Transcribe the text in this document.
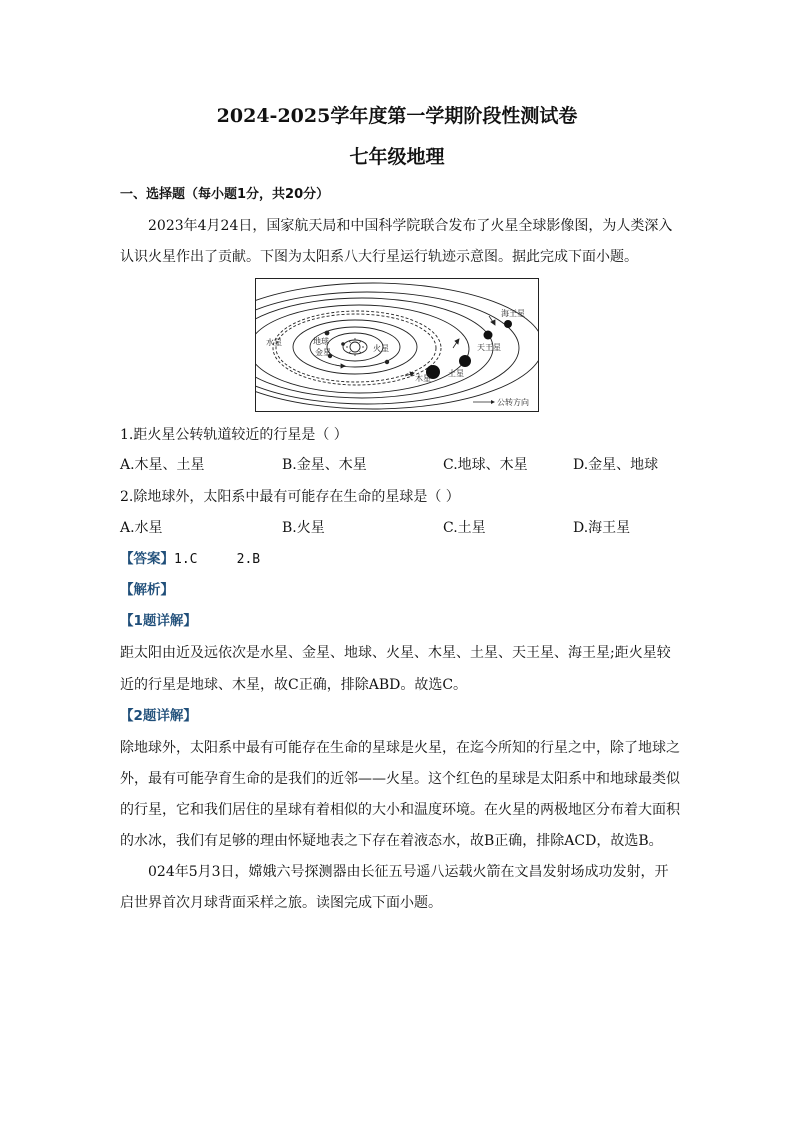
2024-2025学年度第一学期阶段性测试卷
七年级地理
一、选择题（每小题1分，共20分）
2023年4月24日，国家航天局和中国科学院联合发布了火星全球影像图，为人类深入
认识火星作出了贡献。下图为太阳系八大行星运行轨迹示意图。据此完成下面小题。
火星
地球
金星
水星
木星
土星
天王星
海王星
公转方向
1.距火星公转轨道较近的行星是（ ）
A.木星、土星	B.金星、木星	C.地球、木星	D.金星、地球
2.除地球外，太阳系中最有可能存在生命的星球是（ ）
A.水星	B.火星	C.土星	D.海王星
【答案】1.C     2.B
【解析】
【1题详解】
距太阳由近及远依次是水星、金星、地球、火星、木星、土星、天王星、海王星;距火星较
近的行星是地球、木星，故C正确，排除ABD。故选C。
【2题详解】
除地球外，太阳系中最有可能存在生命的星球是火星，在迄今所知的行星之中，除了地球之
外，最有可能孕育生命的是我们的近邻——火星。这个红色的星球是太阳系中和地球最类似
的行星，它和我们居住的星球有着相似的大小和温度环境。在火星的两极地区分布着大面积
的水冰，我们有足够的理由怀疑地表之下存在着液态水，故B正确，排除ACD，故选B。
024年5月3日，嫦娥六号探测器由长征五号遥八运载火箭在文昌发射场成功发射，开
启世界首次月球背面采样之旅。读图完成下面小题。
